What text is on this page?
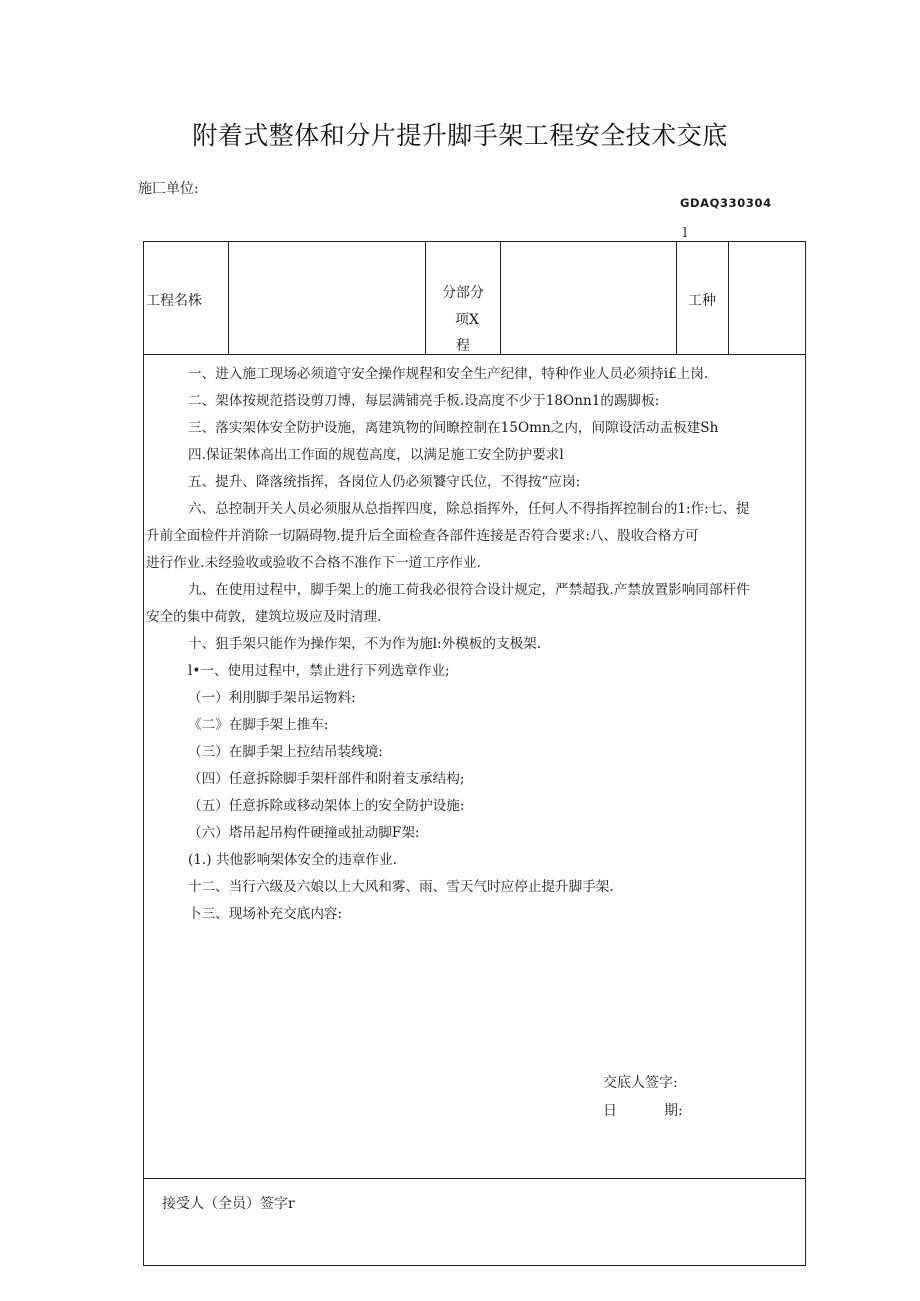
附着式整体和分片提升脚手架工程安全技术交底
施匚单位:
GDAQ330304
l
工程名株	分部分
项X
程
工种
一、进入施工现场必须道守安全操作规程和安全生产纪律，特种作业人员必须持i£上岗.
二、架体按规范搭设剪刀博，每层满铺亮手板.设高度不少于18Onn1的踢脚板:
三、落实架体安全防护设施，离建筑物的间瞭控制在15Omn之内，间隙设活动盂板建Sh
四.保证架体高出工作面的规苞高度，以满足施工安全防护要求l
五、提升、降落统指挥，各岗位人仍必须饕守氏位，不得按“应岗:
六、总控制开关人员必须服从总指挥四度，除总指挥外，任何人不得指挥控制台的1:作:七、提
升前全面检件并消除一切隔碍物.提升后全面检查各部件连接是否符合要求:八、股收合格方可
进行作业.未经验收或验收不合格不准作下一道工序作业.
九、在使用过程中，脚手架上的施工荷我必很符合设计规定，严禁超我.产禁放置影响同部杆件
安全的集中荷敦，建筑垃圾应及时清理.
十、狙手架只能作为操作架，不为作为施l:外模板的支极架.
l•一、使用过程中，禁止进行下列选章作业;
（一）利刖脚手架吊运物料:
《二》在脚手架上推车:
（三）在脚手架上拉结吊装线境:
（四）任意拆除脚手架杆部件和附着支承结构;
（五）任意拆除或移动架体上的安全防护设施:
（六）塔吊起吊构件硬撞或扯动脚F架:
(1.) 共他影响架体安全的违章作业.
十二、当行六级及六娘以上大风和雾、雨、雪天气时应停止提升脚手架.
卜三、现场补充交底内容:
交底人签字:
日	期:
接受人（全员）签字r
